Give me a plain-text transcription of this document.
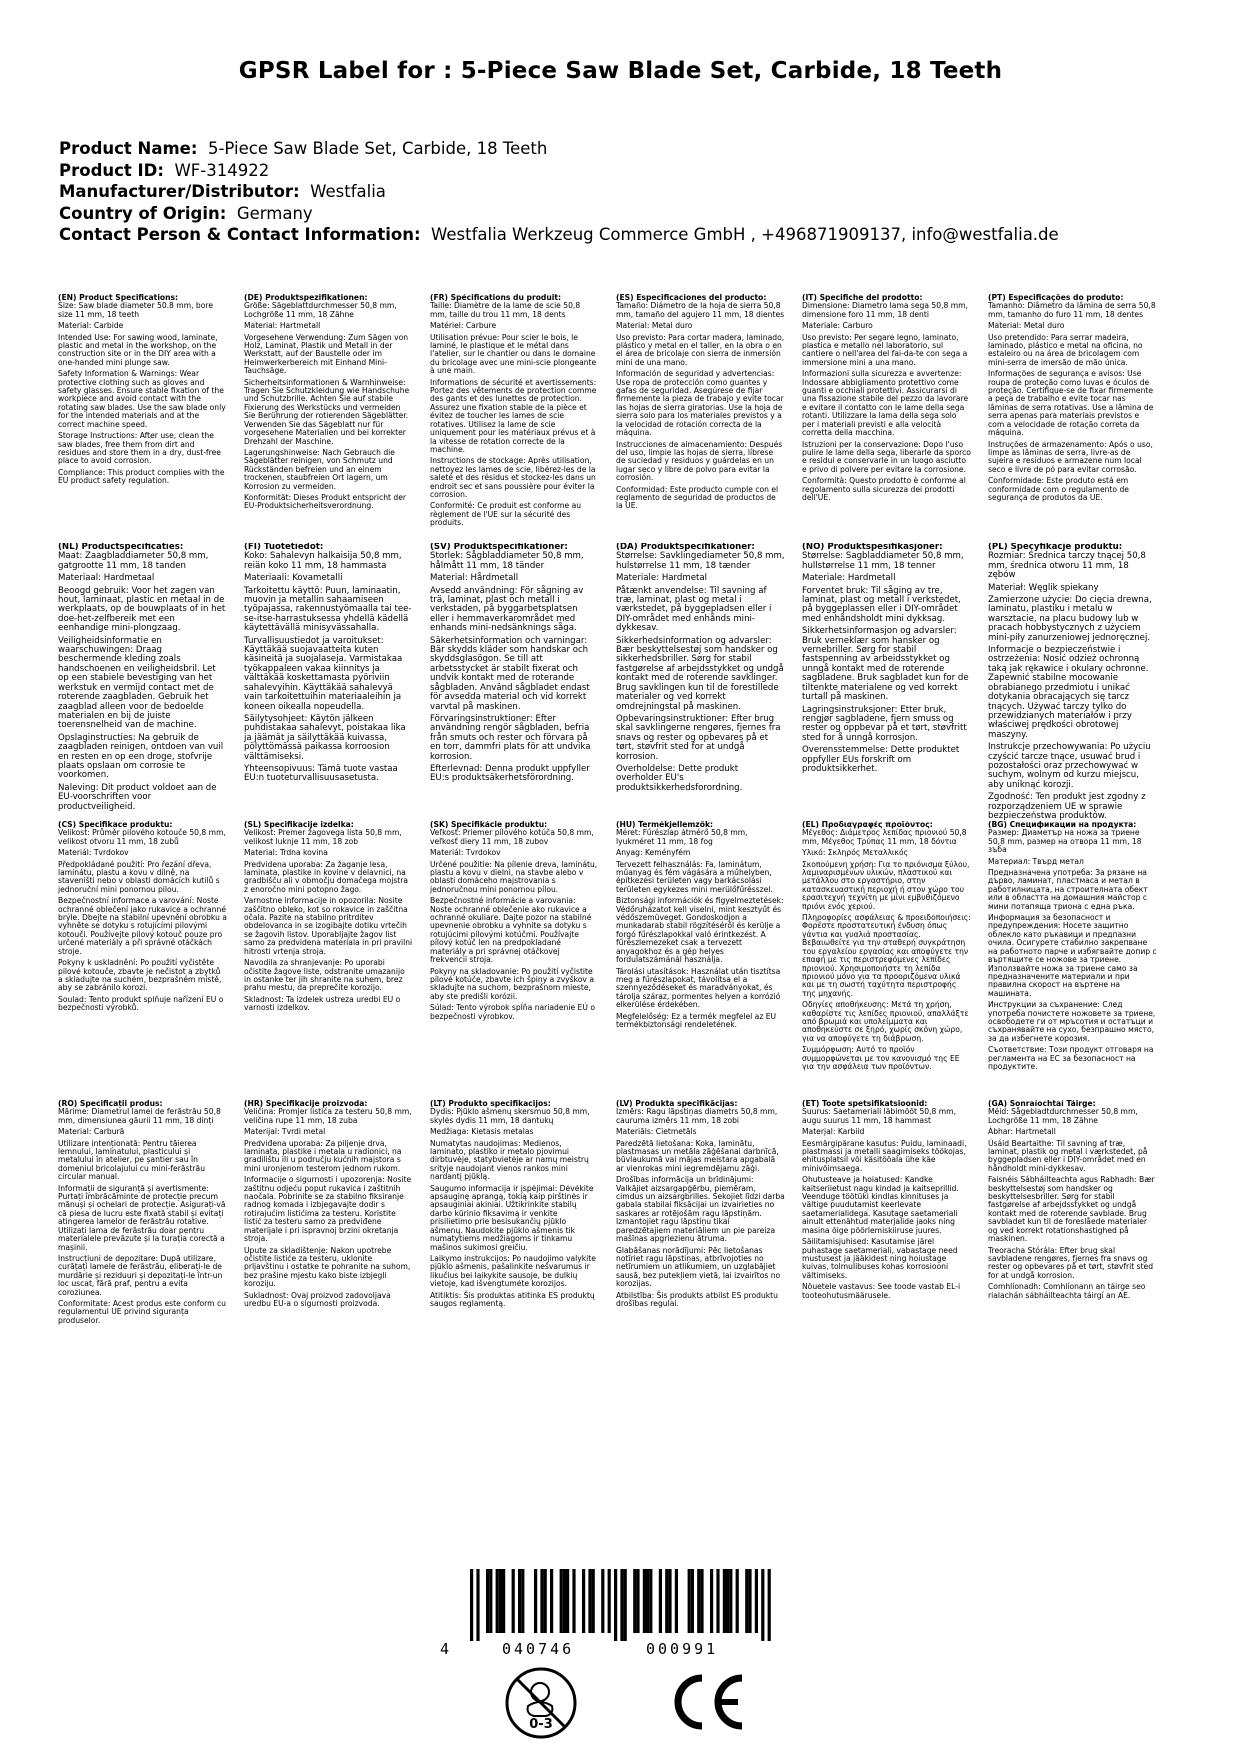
GPSR Label for : 5-Piece Saw Blade Set, Carbide, 18 Teeth
Product Name: 5-Piece Saw Blade Set, Carbide, 18 Teeth
Product ID: WF-314922
Manufacturer/Distributor: Westfalia
Country of Origin: Germany
Contact Person & Contact Information: Westfalia Werkzeug Commerce GmbH , +496871909137, info@westfalia.de
(EN) Product Specifications:

Size: Saw blade diameter 50.8 mm, bore size 11 mm, 18 teeth

Material: Carbide

Intended Use: For sawing wood, laminate, plastic and metal in the workshop, on the construction site or in the DIY area with a one-handed mini plunge saw.

Safety Information & Warnings: Wear protective clothing such as gloves and safety glasses. Ensure stable fixation of the workpiece and avoid contact with the rotating saw blades. Use the saw blade only for the intended materials and at the correct machine speed.

Storage Instructions: After use, clean the saw blades, free them from dirt and residues and store them in a dry, dust-free place to avoid corrosion.

Compliance: This product complies with the EU product safety regulation.

(DE) Produktspezifikationen:

Größe: Sägeblattdurchmesser 50,8 mm, Lochgröße 11 mm, 18 Zähne

Material: Hartmetall

Vorgesehene Verwendung: Zum Sägen von Holz, Laminat, Plastik und Metall in der Werkstatt, auf der Baustelle oder im Heimwerkerbereich mit Einhand Mini-Tauchsäge.

Sicherheitsinformationen & Warnhinweise: Tragen Sie Schutzkleidung wie Handschuhe und Schutzbrille. Achten Sie auf stabile Fixierung des Werkstücks und vermeiden Sie Berührung der rotierenden Sägeblätter. Verwenden Sie das Sägeblatt nur für vorgesehene Materialien und bei korrekter Drehzahl der Maschine.

Lagerungshinweise: Nach Gebrauch die Sägeblätter reinigen, von Schmutz und Rückständen befreien und an einem trockenen, staubfreien Ort lagern, um Korrosion zu vermeiden.

Konformität: Dieses Produkt entspricht der EU-Produktsicherheitsverordnung.

(FR) Spécifications du produit:

Taille: Diamètre de la lame de scie 50,8 mm, taille du trou 11 mm, 18 dents

Matériel: Carbure

Utilisation prévue: Pour scier le bois, le laminé, le plastique et le métal dans l'atelier, sur le chantier ou dans le domaine du bricolage avec une mini-scie plongeante à une main.

Informations de sécurité et avertissements: Portez des vêtements de protection comme des gants et des lunettes de protection. Assurez une fixation stable de la pièce et évitez de toucher les lames de scie rotatives. Utilisez la lame de scie uniquement pour les matériaux prévus et à la vitesse de rotation correcte de la machine.

Instructions de stockage: Après utilisation, nettoyez les lames de scie, libérez-les de la saleté et des résidus et stockez-les dans un endroit sec et sans poussière pour éviter la corrosion.

Conformité: Ce produit est conforme au règlement de l'UE sur la sécurité des produits.

(ES) Especificaciones del producto:

Tamaño: Diámetro de la hoja de sierra 50,8 mm, tamaño del agujero 11 mm, 18 dientes

Material: Metal duro

Uso previsto: Para cortar madera, laminado, plástico y metal en el taller, en la obra o en el área de bricolaje con sierra de inmersión mini de una mano.

Información de seguridad y advertencias: Use ropa de protección como guantes y gafas de seguridad. Asegúrese de fijar firmemente la pieza de trabajo y evite tocar las hojas de sierra giratorias. Use la hoja de sierra solo para los materiales previstos y a la velocidad de rotación correcta de la máquina.

Instrucciones de almacenamiento: Después del uso, limpie las hojas de sierra, líbrese de suciedad y residuos y guárdelas en un lugar seco y libre de polvo para evitar la corrosión.

Conformidad: Este producto cumple con el reglamento de seguridad de productos de la UE.

(IT) Specifiche del prodotto:

Dimensione: Diametro lama sega 50,8 mm, dimensione foro 11 mm, 18 denti

Materiale: Carburo

Uso previsto: Per segare legno, laminato, plastica e metallo nel laboratorio, sul cantiere o nell'area del fai-da-te con sega a immersione mini a una mano.

Informazioni sulla sicurezza e avvertenze: Indossare abbigliamento protettivo come guanti e occhiali protettivi. Assicurarsi di una fissazione stabile del pezzo da lavorare e evitare il contatto con le lame della sega rotanti. Utilizzare la lama della sega solo per i materiali previsti e alla velocità corretta della macchina.

Istruzioni per la conservazione: Dopo l'uso pulire le lame della sega, liberarle da sporco e residui e conservarle in un luogo asciutto e privo di polvere per evitare la corrosione.

Conformità: Questo prodotto è conforme al regolamento sulla sicurezza dei prodotti dell'UE.

(PT) Especificações do produto:

Tamanho: Diâmetro da lâmina de serra 50,8 mm, tamanho do furo 11 mm, 18 dentes

Material: Metal duro

Uso pretendido: Para serrar madeira, laminado, plástico e metal na oficina, no estaleiro ou na área de bricolagem com mini-serra de imersão de mão única.

Informações de segurança e avisos: Use roupa de proteção como luvas e óculos de proteção. Certifique-se de fixar firmemente a peça de trabalho e evite tocar nas lâminas de serra rotativas. Use a lâmina de serra apenas para materiais previstos e com a velocidade de rotação correta da máquina.

Instruções de armazenamento: Após o uso, limpe as lâminas de serra, livre-as de sujeira e resíduos e armazene num local seco e livre de pó para evitar corrosão.

Conformidade: Este produto está em conformidade com o regulamento de segurança de produtos da UE.

(NL) Productspecificaties:

Maat: Zaagbladdiameter 50,8 mm, gatgrootte 11 mm, 18 tanden

Materiaal: Hardmetaal

Beoogd gebruik: Voor het zagen van hout, laminaat, plastic en metaal in de werkplaats, op de bouwplaats of in het doe-het-zelfbereik met een eenhandige mini-plongzaag.

Veiligheidsinformatie en waarschuwingen: Draag beschermende kleding zoals handschoenen en veiligheidsbril. Let op een stabiele bevestiging van het werkstuk en vermijd contact met de roterende zaagbladen. Gebruik het zaagblad alleen voor de bedoelde materialen en bij de juiste toerensnelheid van de machine.

Opslaginstructies: Na gebruik de zaagbladen reinigen, ontdoen van vuil en resten en op een droge, stofvrije plaats opslaan om corrosie te voorkomen.

Naleving: Dit product voldoet aan de EU-voorschriften voor productveiligheid.

(FI) Tuotetiedot:

Koko: Sahalevyn halkaisija 50,8 mm, reiän koko 11 mm, 18 hammasta

Materiaali: Kovametalli

Tarkoitettu käyttö: Puun, laminaatin, muovin ja metallin sahaamiseen työpajassa, rakennustyömaalla tai tee-se-itse-harrastuksessa yhdellä kädellä käytettävällä minisyvässahalla.

Turvallisuustiedot ja varoitukset: Käyttäkää suojavaatteita kuten käsineitä ja suojalaseja. Varmistakaa työkappaleen vakaa kiinnitys ja välttäkää koskettamasta pyöriviin sahalevyihin. Käyttäkää sahalevyä vain tarkoitettuihin materiaaleihin ja koneen oikealla nopeudella.

Säilytysohjeet: Käytön jälkeen puhdistakaa sahalevyt, poistakaa lika ja jäämät ja säilyttäkää kuivassa, pölyttömässä paikassa korroosion välttämiseksi.

Yhteensopivuus: Tämä tuote vastaa EU:n tuoteturvallisuusasetusta.

(SV) Produktspecifikationer:

Storlek: Sågbladdiameter 50,8 mm, hålmått 11 mm, 18 tänder

Material: Hårdmetall

Avsedd användning: För sågning av trä, laminat, plast och metall i verkstaden, på byggarbetsplatsen eller i hemmaverkarområdet med enhands mini-nedsänknings såga.

Säkerhetsinformation och varningar: Bär skydds kläder som handskar och skyddsglasögon. Se till att arbetsstycket är stabilt fixerat och undvik kontakt med de roterande sågbladen. Använd sågbladet endast för avsedda material och vid korrekt varvtal på maskinen.

Förvaringsinstruktioner: Efter användning rengör sågbladen, befria från smuts och rester och förvara på en torr, dammfri plats för att undvika korrosion.

Efterlevnad: Denna produkt uppfyller EU:s produktsäkerhetsförordning.

(DA) Produktspecifikationer:

Størrelse: Savklingediameter 50,8 mm, hulstørrelse 11 mm, 18 tænder

Materiale: Hardmetal

Påtænkt anvendelse: Til savning af træ, laminat, plast og metal i værkstedet, på byggepladsen eller i DIY-området med enhånds mini-dykkesav.

Sikkerhedsinformation og advarsler: Bær beskyttelsestøj som handsker og sikkerhedsbriller. Sørg for stabil fastgørelse af arbejdsstykket og undgå kontakt med de roterende savklinger. Brug savklingen kun til de forestillede materialer og ved korrekt omdrejningstal på maskinen.

Opbevaringsinstruktioner: Efter brug skal savklingerne rengøres, fjernes fra snavs og rester og opbevares på et tørt, støvfrit sted for at undgå korrosion.

Overholdelse: Dette produkt overholder EU's produktsikkerhedsforordning.

(NO) Produktspesifikasjoner:

Størrelse: Sagbladdiameter 50,8 mm, hullstørrelse 11 mm, 18 tenner

Materiale: Hardmetall

Forventet bruk: Til såging av tre, laminat, plast og metall i verkstedet, på byggeplassen eller i DIY-området med enhåndsholdt mini dykksag.

Sikkerhetsinformasjon og advarsler: Bruk verneklær som hansker og vernebriller. Sørg for stabil fastspenning av arbeidsstykket og unngå kontakt med de roterende sagbladene. Bruk sagbladet kun for de tiltenkte materialene og ved korrekt turtall på maskinen.

Lagringsinstruksjoner: Etter bruk, rengjør sagbladene, fjern smuss og rester og oppbevar på et tørt, støvfritt sted for å unngå korrosjon.

Overensstemmelse: Dette produktet oppfyller EUs forskrift om produktsikkerhet.

(PL) Specyfikacje produktu:

Rozmiar: Średnica tarczy tnącej 50,8 mm, średnica otworu 11 mm, 18 zębów

Materiał: Węglik spiekany

Zamierzone użycie: Do cięcia drewna, laminatu, plastiku i metalu w warsztacie, na placu budowy lub w pracach hobbystycznych z użyciem mini-piły zanurzeniowej jednoręcznej.

Informacje o bezpieczeństwie i ostrzeżenia: Nosić odzież ochronną taką jak rękawice i okulary ochronne. Zapewnić stabilne mocowanie obrabianego przedmiotu i unikać dotykania obracających się tarcz tnących. Używać tarczy tylko do przewidzianych materiałów i przy właściwej prędkości obrotowej maszyny.

Instrukcje przechowywania: Po użyciu czyścić tarcze tnące, usuwać brud i pozostałości oraz przechowywać w suchym, wolnym od kurzu miejscu, aby uniknąć korozji.

Zgodność: Ten produkt jest zgodny z rozporządzeniem UE w sprawie bezpieczeństwa produktów.

(CS) Specifikace produktu:

Velikost: Průměr pilového kotouče 50,8 mm, velikost otvoru 11 mm, 18 zubů

Materiál: Tvrdokov

Předpokládané použití: Pro řezání dřeva, laminátu, plastu a kovu v dílně, na staveništi nebo v oblasti domácích kutilů s jednoruční mini ponornou pilou.

Bezpečnostní informace a varování: Noste ochranné oblečení jako rukavice a ochranné brýle. Dbejte na stabilní upevnění obrobku a vyhněte se dotyku s rotujícími pilovými kotouči. Používejte pilový kotouč pouze pro určené materiály a při správné otáčkách stroje.

Pokyny k uskladnění: Po použití vyčistěte pilové kotouče, zbavte je nečistot a zbytků a skladujte na suchém, bezprašném místě, aby se zabránilo korozi.

Soulad: Tento produkt splňuje nařízení EU o bezpečnosti výrobků.

(SL) Specifikacije izdelka:

Velikost: Premer žagovega lista 50,8 mm, velikost luknje 11 mm, 18 zob

Material: Trdna kovina

Predvidena uporaba: Za žaganje lesa, laminata, plastike in kovine v delavnici, na gradbišču ali v območju domačega mojstra z enoročno mini potopno žago.

Varnostne informacije in opozorila: Nosite zaščitno obleko, kot so rokavice in zaščitna očala. Pazite na stabilno pritrditev obdelovanca in se izogibajte dotiku vrtečih se žagovih listov. Uporabljajte žagov list samo za predvidena materiala in pri pravilni hitrosti vrtenja stroja.

Navodila za shranjevanje: Po uporabi očistite žagove liste, odstranite umazanijo in ostanke ter jih shranite na suhem, brez prahu mestu, da preprečite korozijo.

Skladnost: Ta izdelek ustreza uredbi EU o varnosti izdelkov.

(SK) Špecifikácie produktu:

Veľkosť: Priemer pílového kotúča 50,8 mm, veľkosť diery 11 mm, 18 zubov

Materiál: Tvrdokov

Určené použitie: Na pílenie dreva, laminátu, plastu a kovu v dielni, na stavbe alebo v oblasti domáceho majstrovania s jednoručnou mini ponornou pílou.

Bezpečnostné informácie a varovania: Noste ochranné oblečenie ako rukavice a ochranné okuliare. Dajte pozor na stabilné upevnenie obrobku a vyhnite sa dotyku s rotujúcimi pílovými kotúčmi. Používajte pílový kotúč len na predpokladané materiály a pri správnej otáčkovej frekvencii stroja.

Pokyny na skladovanie: Po použití vyčistite pílové kotúče, zbavte ich špiny a zvyškov a skladujte na suchom, bezprašnom mieste, aby ste predišli korózii.

Súlad: Tento výrobok spĺňa nariadenie EÚ o bezpečnosti výrobkov.

(HU) Termékjellemzők:

Méret: Fűrészlap átmérő 50,8 mm, lyukméret 11 mm, 18 fog

Anyag: Keményfém

Tervezett felhasználás: Fa, laminátum, műanyag és fém vágására a műhelyben, építkezési területen vagy barkácsolási területen egykezes mini merülőfűrésszel.

Biztonsági információk és figyelmeztetések: Védőruházatot kell viselni, mint kesztyűt és védőszemüveget. Gondoskodjon a munkadarab stabil rögzítéséről és kerülje a forgó fűrészlapokkal való érintkezést. A fűrészlemezeket csak a tervezett anyagokhoz és a gép helyes fordulatszámánál használja.

Tárolási utasítások: Használat után tisztítsa meg a fűrészlapokat, távolítsa el a szennyeződéseket és maradványokat, és tárolja száraz, pormentes helyen a korrózió elkerülése érdekében.

Megfelelőség: Ez a termék megfelel az EU termékbiztonsági rendeletének.

(EL) Προδιαγραφές προϊόντος:

Μέγεθος: Διάμετρος λεπίδας πριονιού 50,8 mm, Μέγεθος Τρύπας 11 mm, 18 δόντια

Υλικό: Σκληρός Μεταλλικός

Σκοπούμενη χρήση: Για το πριόνισμα ξύλου, λαμιναρισμένων υλικών, πλαστικού και μετάλλου στο εργαστήριο, στην κατασκευαστική περιοχή ή στον χώρο του ερασιτεχνή τεχνίτη με μίνι εμβυθιζόμενο πριόνι ενός χεριού.

Πληροφορίες ασφάλειας & προειδοποιήσεις: Φορέστε προστατευτική ένδυση όπως γάντια και γυαλιά προστασίας. Βεβαιωθείτε για την σταθερή συγκράτηση του εργαλείου εργασίας και αποφύγετε την επαφή με τις περιστρεφόμενες λεπίδες πριονιού. Χρησιμοποιήστε τη λεπίδα πριονιού μόνο για τα προοριζόμενα υλικά και με τη σωστή ταχύτητα περιστροφής της μηχανής.

Οδηγίες αποθήκευσης: Μετά τη χρήση, καθαρίστε τις λεπίδες πριονιού, απαλλάξτε από βρωμιά και υπολείμματα και αποθηκεύστε σε ξηρό, χωρίς σκόνη χώρο, για να αποφύγετε τη διάβρωση.

Συμμόρφωση: Αυτό το προϊόν συμμορφώνεται με τον κανονισμό της ΕΕ για την ασφάλεια των προϊόντων.

(BG) Спецификации на продукта:

Размер: Диаметър на ножа за триене 50,8 mm, размер на отвора 11 mm, 18 зъба

Материал: Твърд метал

Предназначена употреба: За рязане на дърво, ламинат, пластмаса и метал в работилницата, на строителната обект или в областта на домашния майстор с мини потапяща триона с една ръка.

Информация за безопасност и предупреждения: Носете защитно облекло като ръкавици и предпазни очила. Осигурете стабилно закрепване на работното парче и избягвайте допир с въртящите се ножове за триене. Използвайте ножа за триене само за предназначените материали и при правилна скорост на въртене на машината.

Инструкции за съхранение: След употреба почистете ножовете за триене, освободете ги от мръсотия и остатъци и съхранявайте на сухо, безпрашно място, за да избегнете корозия.

Съответствие: Този продукт отговаря на регламента на ЕС за безопасност на продуктите.

(RO) Specificații produs:

Mărime: Diametrul lamei de ferăstrău 50,8 mm, dimensiunea găurii 11 mm, 18 dinți

Material: Carbură

Utilizare intenționată: Pentru tăierea lemnului, laminatului, plasticului și metalului în atelier, pe șantier sau în domeniul bricolajului cu mini-ferăstrău circular manual.

Informații de siguranță și avertismente: Purtați îmbrăcăminte de protecție precum mănuși și ochelari de protecție. Asigurați-vă că piesa de lucru este fixată stabil și evitați atingerea lamelor de ferăstrău rotative. Utilizați lama de ferăstrău doar pentru materialele prevăzute și la turația corectă a mașinii.

Instrucțiuni de depozitare: După utilizare, curățați lamele de ferăstrău, eliberați-le de murdărie și reziduuri și depozitați-le într-un loc uscat, fără praf, pentru a evita coroziunea.

Conformitate: Acest produs este conform cu regulamentul UE privind siguranța produselor.

(HR) Specifikacije proizvoda:

Veličina: Promjer listića za testeru 50,8 mm, veličina rupe 11 mm, 18 zuba

Materijal: Tvrdi metal

Predviđena uporaba: Za piljenje drva, laminata, plastike i metala u radionici, na gradilištu ili u području kućnih majstora s mini uronjenom testerom jednom rukom.

Informacije o sigurnosti i upozorenja: Nosite zaštitnu odjeću poput rukavica i zaštitnih naočala. Pobrinite se za stabilno fiksiranje radnog komada i izbjegavajte dodir s rotirajućim listićima za testeru. Koristite listić za testeru samo za predviđene materijale i pri ispravnoj brzini okretanja stroja.

Upute za skladištenje: Nakon upotrebe očistite listiće za testeru, uklonite prljavštinu i ostatke te pohranite na suhom, bez prašine mjestu kako biste izbjegli koroziju.

Sukladnost: Ovaj proizvod zadovoljava uredbu EU-a o sigurnosti proizvoda.

(LT) Produkto specifikacijos:

Dydis: Pjūklo ašmenų skersmuo 50,8 mm, skylės dydis 11 mm, 18 dantukų

Medžiaga: Kietasis metalas

Numatytas naudojimas: Medienos, laminato, plastiko ir metalo pjovimui dirbtuvėje, statybvietėje ar namų meistrų srityje naudojant vienos rankos mini nardantį pjūklą.

Saugumo informacija ir įspėjimai: Dėvėkite apsauginę aprangą, tokią kaip pirštinės ir apsauginiai akiniai. Užtikrinkite stabilų darbo kūrinio fiksavimą ir venkite prisilietimo prie besisukančių pjūklo ašmenų. Naudokite pjūklo ašmenis tik numatytiems medžiagoms ir tinkamu mašinos sukimosi greičiu.

Laikymo instrukcijos: Po naudojimo valykite pjūklo ašmenis, pašalinkite nešvarumus ir likučius bei laikykite sausoje, be dulkių vietoje, kad išvengtumėte korozijos.

Atitiktis: Šis produktas atitinka ES produktų saugos reglamentą.

(LV) Produkta specifikācijas:

Izmērs: Ragu lāpstiņas diametrs 50,8 mm, cauruma izmērs 11 mm, 18 zobi

Materiāls: Cietmetāls

Paredzētā lietošana: Koka, laminātu, plastmasas un metāla zāģēšanai darbnīcā, būvlaukumā vai mājas meistara apgabalā ar vienrokas mini iegremdējamu zāģi.

Drošības informācija un brīdinājumi: Valkājiet aizsargapģērbu, piemēram, cimdus un aizsargbrilles. Sekojiet līdzi darba gabala stabilai fiksācijai un izvairieties no saskares ar rotējošām ragu lāpstiņām. Izmantojiet ragu lāpstiņu tikai paredzētajiem materiāliem un pie pareiza mašīnas apgriezienu ātruma.

Glabāšanas norādījumi: Pēc lietošanas notīriet ragu lāpstiņas, atbrīvojoties no netīrumiem un atlikumiem, un uzglabājiet sausā, bez putekļiem vietā, lai izvairītos no korozijas.

Atbilstība: Šis produkts atbilst ES produktu drošības regulai.

(ET) Toote spetsifikatsioonid:

Suurus: Saetameriali läbimõõt 50,8 mm, augu suurus 11 mm, 18 hammast

Materjal: Karbiid

Eesmärgipärane kasutus: Puidu, laminaadi, plastmassi ja metalli saagimiseks töökojas, ehitusplatsil või käsitööala ühe käe minivõimsaega.

Ohutusteave ja hoiatused: Kandke kaitseriietust nagu kindad ja kaitseprillid. Veenduge töötüki kindlas kinnituses ja vältige puudutamist keerlevate saetamerialidega. Kasutage saetameriali ainult ettenähtud materjalide jaoks ning masina õige pöörlemiskiiruse juures.

Säilitamisjuhised: Kasutamise järel puhastage saetameriali, vabastage need mustusest ja jääkidest ning hoiustage kuivas, tolmulibuses kohas korrosiooni vältimiseks.

Nõuetele vastavus: See toode vastab EL-i tooteohutusmäärusele.

(GA) Sonraíochtaí Táirge:

Méid: Sågebladtdurchmesser 50,8 mm, Lochgröße 11 mm, 18 Zähne

Ábhar: Hartmetall

Úsáid Beartaithe: Til savning af træ, laminat, plastik og metal i værkstedet, på byggepladsen eller i DIY-området med en håndholdt mini-dykkesav.

Faisnéis Sábháilteachta agus Rabhadh: Bær beskyttelsestøj som handsker og beskyttelsesbriller. Sørg for stabil fastgørelse af arbejdsstykket og undgå kontakt med de roterende savblade. Brug savbladet kun til de foreslåede materialer og ved korrekt rotationshastighed på maskinen.

Treoracha Stórála: Efter brug skal savbladene rengøres, fjernes fra snavs og rester og opbevares på et tørt, støvfrit sted for at undgå korrosion.

Comhlíonadh: Comhlíonann an táirge seo rialachán sábháilteachta táirgí an AE.

4	040746	000991
0-3
